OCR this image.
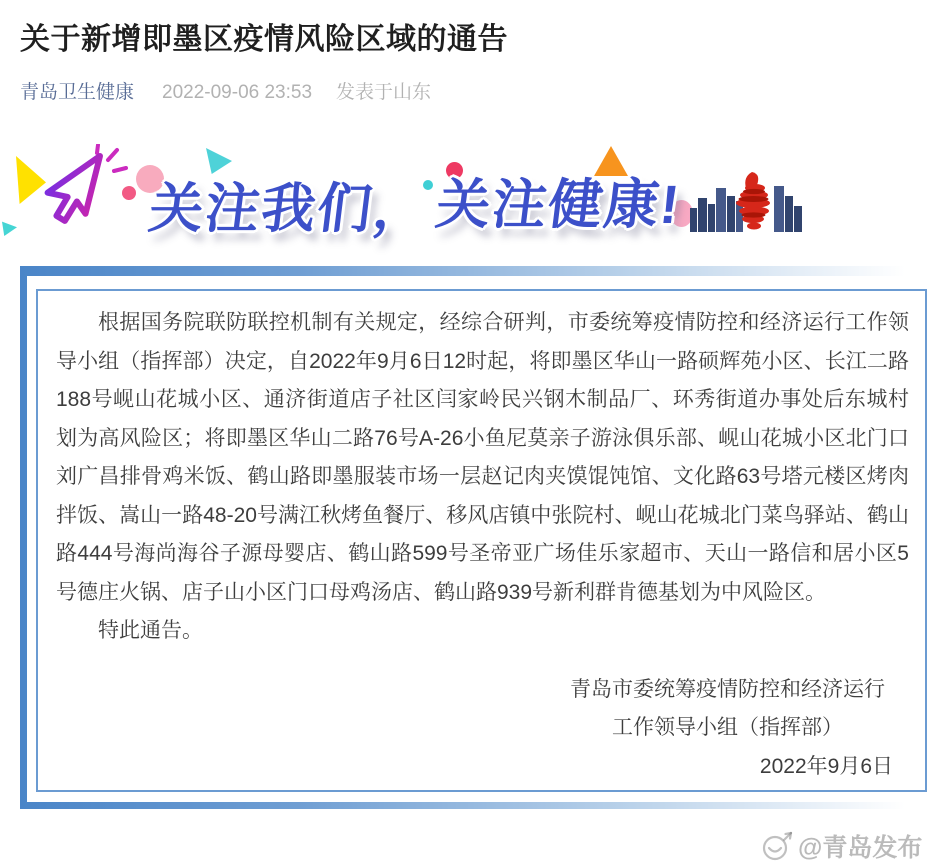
关于新增即墨区疫情风险区域的通告
青岛卫生健康 2022-09-06 23:53 发表于山东
关注我们， 关注健康!

根据国务院联防联控机制有关规定，经综合研判，市委统筹疫情防控和经济运行工作领导小组（指挥部）决定，自2022年9月6日12时起，将即墨区华山一路硕辉苑小区、长江二路188号岘山花城小区、通济街道店子社区闫家岭民兴钢木制品厂、环秀街道办事处后东城村划为高风险区；将即墨区华山二路76号A-26小鱼尼莫亲子游泳俱乐部、岘山花城小区北门口刘广昌排骨鸡米饭、鹤山路即墨服装市场一层赵记肉夹馍馄饨馆、文化路63号塔元楼区烤肉拌饭、嵩山一路48-20号满江秋烤鱼餐厅、移风店镇中张院村、岘山花城北门菜鸟驿站、鹤山路444号海尚海谷子源母婴店、鹤山路599号圣帝亚广场佳乐家超市、天山一路信和居小区5号德庄火锅、店子山小区门口母鸡汤店、鹤山路939号新利群肯德基划为中风险区。

特此通告。

青岛市委统筹疫情防控和经济运行
工作领导小组（指挥部）
2022年9月6日
@青岛发布
